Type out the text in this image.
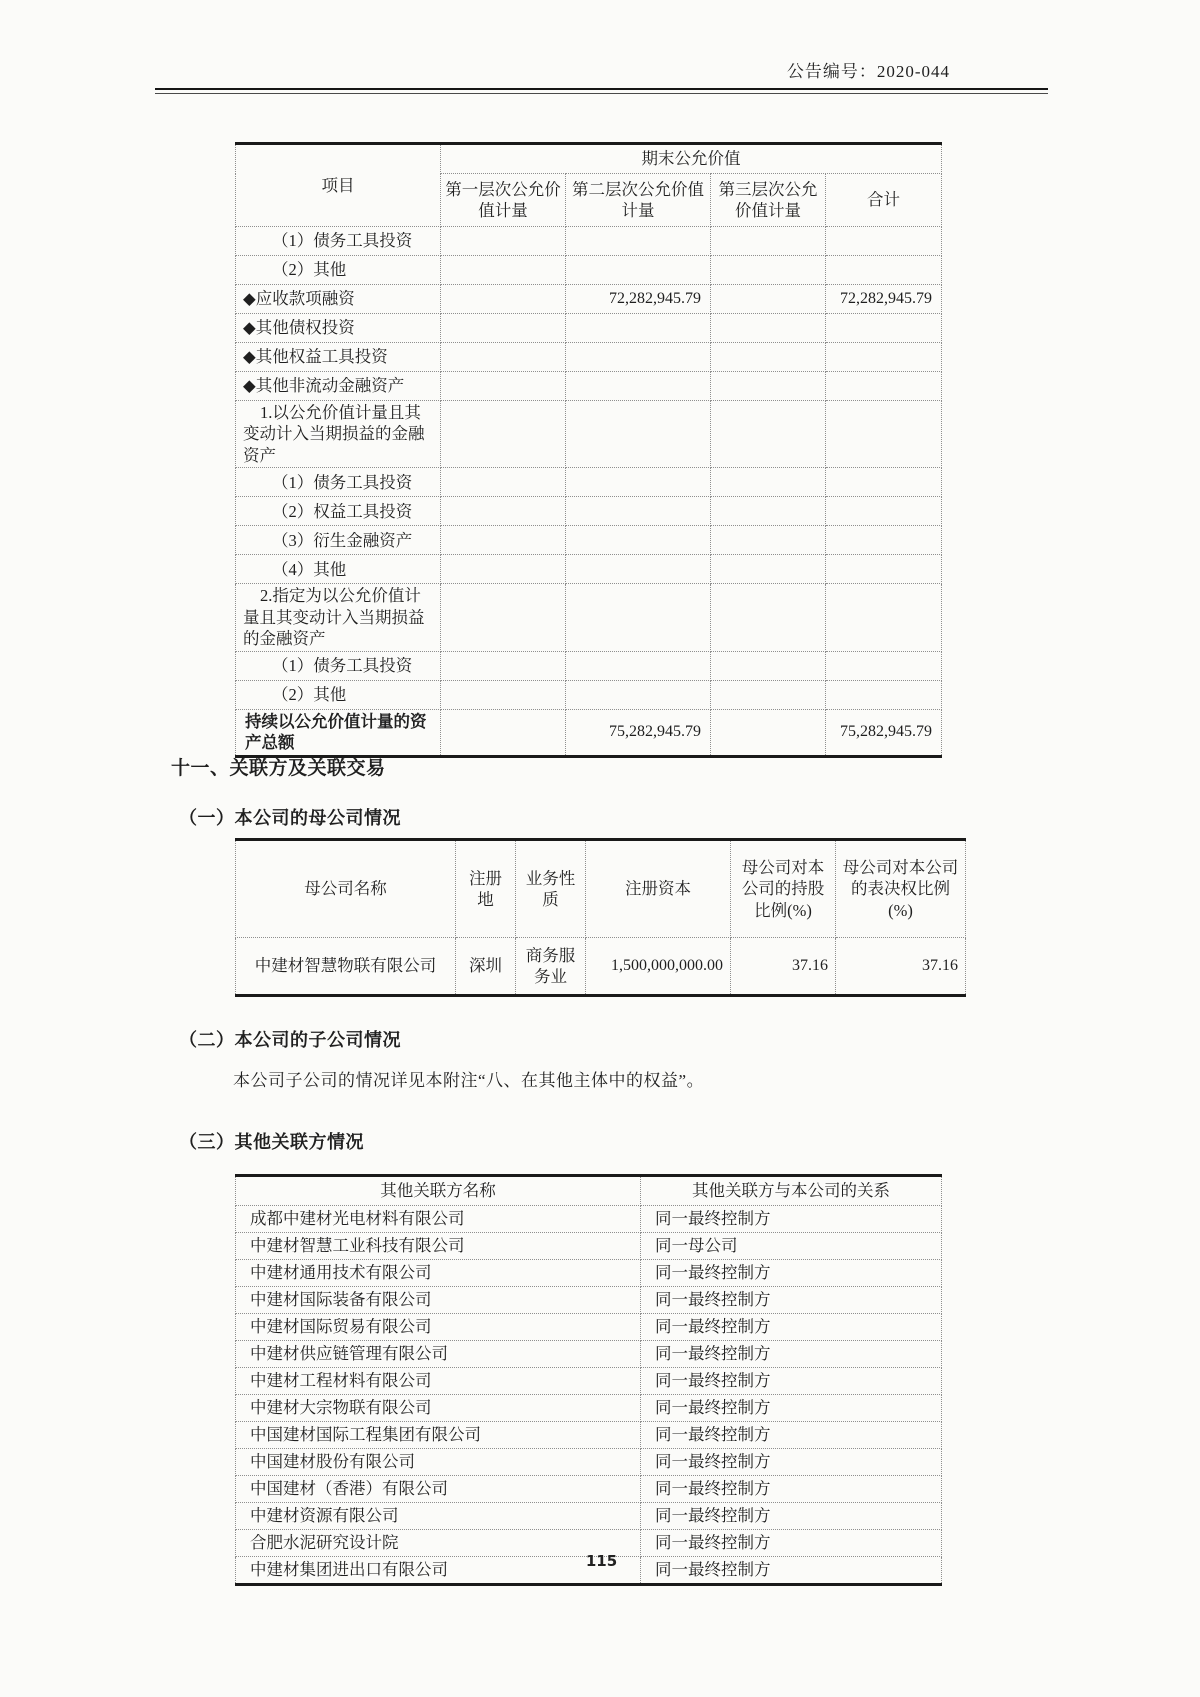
公告编号：2020-044
项目	期末公允价值			
	第一层次公允价值计量	第二层次公允价值计量	第三层次公允价值计量	合计
（1）债务工具投资				
（2）其他				
◆应收款项融资		72,282,945.79		72,282,945.79
◆其他债权投资				
◆其他权益工具投资				
◆其他非流动金融资产				
1.以公允价值计量且其变动计入当期损益的金融资产				
（1）债务工具投资				
（2）权益工具投资				
（3）衍生金融资产				
（4）其他				
2.指定为以公允价值计量且其变动计入当期损益的金融资产				
（1）债务工具投资				
（2）其他				
持续以公允价值计量的资产总额		75,282,945.79		75,282,945.79
十一、关联方及关联交易
（一）本公司的母公司情况
母公司名称	注册地	业务性质	注册资本	母公司对本公司的持股比例(%)	母公司对本公司的表决权比例(%)
中建材智慧物联有限公司	深圳	商务服务业	1,500,000,000.00	37.16	37.16
（二）本公司的子公司情况
本公司子公司的情况详见本附注“八、在其他主体中的权益”。
（三）其他关联方情况
其他关联方名称	其他关联方与本公司的关系
成都中建材光电材料有限公司	同一最终控制方
中建材智慧工业科技有限公司	同一母公司
中建材通用技术有限公司	同一最终控制方
中建材国际装备有限公司	同一最终控制方
中建材国际贸易有限公司	同一最终控制方
中建材供应链管理有限公司	同一最终控制方
中建材工程材料有限公司	同一最终控制方
中建材大宗物联有限公司	同一最终控制方
中国建材国际工程集团有限公司	同一最终控制方
中国建材股份有限公司	同一最终控制方
中国建材（香港）有限公司	同一最终控制方
中建材资源有限公司	同一最终控制方
合肥水泥研究设计院	同一最终控制方
中建材集团进出口有限公司	同一最终控制方
115
